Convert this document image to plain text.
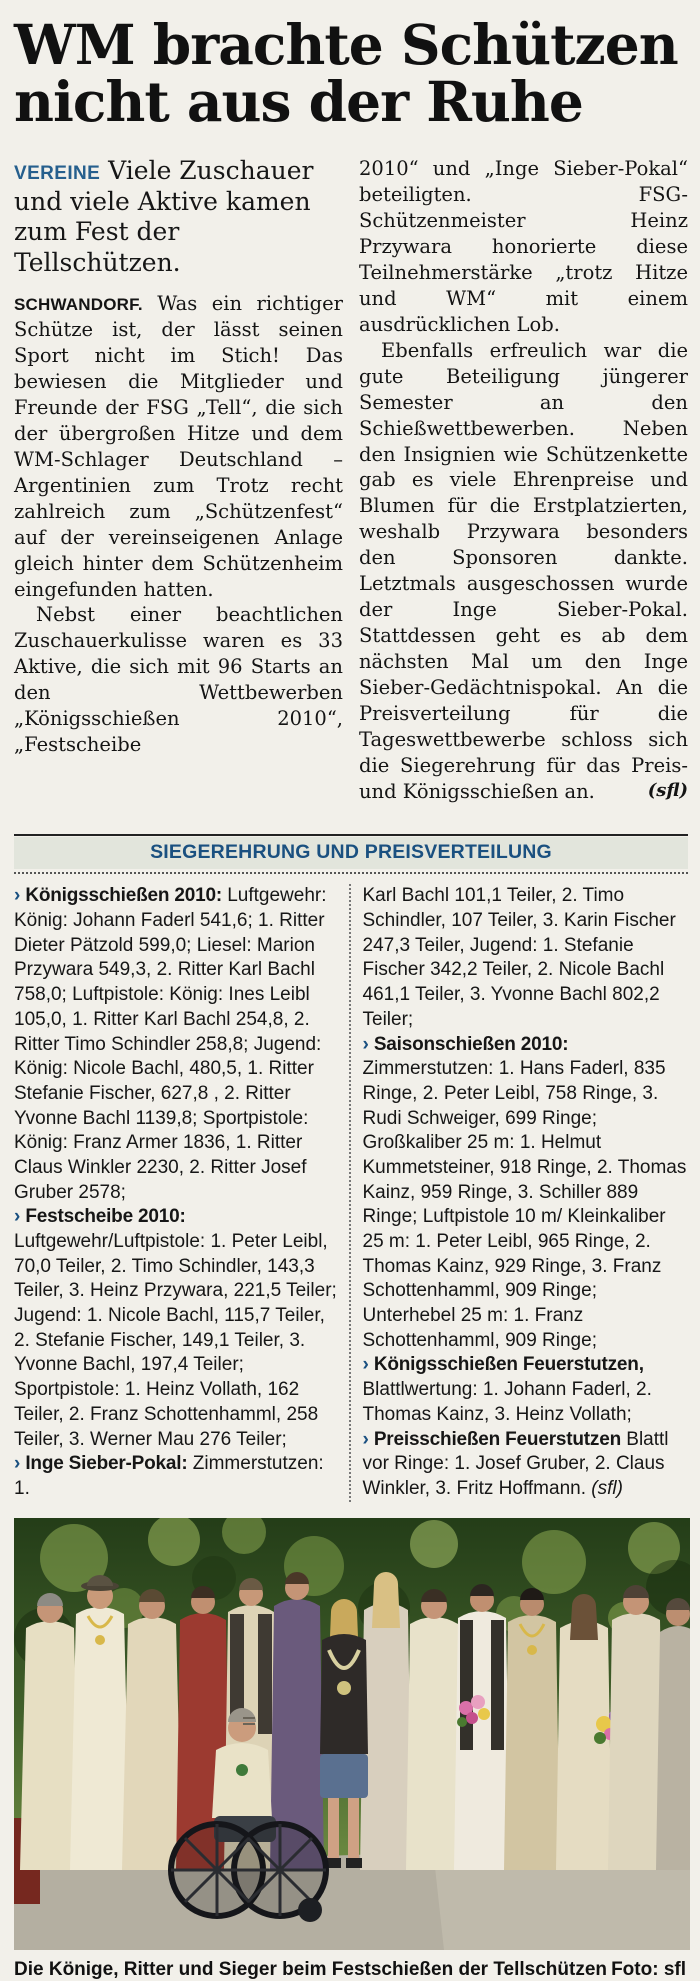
WM brachte Schützen
nicht aus der Ruhe

VEREINE Viele Zuschauer und viele Aktive kamen zum Fest der Tellschützen.

SCHWANDORF. Was ein richtiger Schütze ist, der lässt seinen Sport nicht im Stich! Das bewiesen die Mitglieder und Freunde der FSG „Tell“, die sich der übergroßen Hitze und dem WM-Schlager Deutschland – Argentinien zum Trotz recht zahlreich zum „Schützenfest“ auf der vereinseigenen Anlage gleich hinter dem Schützenheim eingefunden hatten.

Nebst einer beachtlichen Zuschauerkulisse waren es 33 Aktive, die sich mit 96 Starts an den Wettbewerben „Königsschießen 2010“, „Festscheibe

2010“ und „Inge Sieber-Pokal“ beteiligten. FSG-Schützenmeister Heinz Przywara honorierte diese Teilnehmerstärke „trotz Hitze und WM“ mit einem ausdrücklichen Lob.

Ebenfalls erfreulich war die gute Beteiligung jüngerer Semester an den Schießwettbewerben. Neben den Insignien wie Schützenkette gab es viele Ehrenpreise und Blumen für die Erstplatzierten, weshalb Przywara besonders den Sponsoren dankte. Letztmals ausgeschossen wurde der Inge Sieber-Pokal. Stattdessen geht es ab dem nächsten Mal um den Inge Sieber-Gedächtnispokal. An die Preisverteilung für die Tageswettbewerbe schloss sich die Siegerehrung für das Preis- und Königsschießen an.	(sfl)

SIEGEREHRUNG UND PREISVERTEILUNG

› Königsschießen 2010: Luftgewehr: König: Johann Faderl 541,6; 1. Ritter Dieter Pätzold 599,0; Liesel: Marion Przywara 549,3, 2. Ritter Karl Bachl 758,0; Luftpistole: König: Ines Leibl 105,0, 1. Ritter Karl Bachl 254,8, 2. Ritter Timo Schindler 258,8; Jugend: König: Nicole Bachl, 480,5, 1. Ritter Stefanie Fischer, 627,8 , 2. Ritter Yvonne Bachl 1139,8; Sportpistole: König: Franz Armer 1836, 1. Ritter Claus Winkler 2230, 2. Ritter Josef Gruber 2578;

› Festscheibe 2010: Luftgewehr/Luftpistole: 1. Peter Leibl, 70,0 Teiler, 2. Timo Schindler, 143,3 Teiler, 3. Heinz Przywara, 221,5 Teiler; Jugend: 1. Nicole Bachl, 115,7 Teiler, 2. Stefanie Fischer, 149,1 Teiler, 3. Yvonne Bachl, 197,4 Teiler; Sportpistole: 1. Heinz Vollath, 162 Teiler, 2. Franz Schottenhamml, 258 Teiler, 3. Werner Mau 276 Teiler;

› Inge Sieber-Pokal: Zimmerstutzen: 1.

Karl Bachl 101,1 Teiler, 2. Timo Schindler, 107 Teiler, 3. Karin Fischer 247,3 Teiler, Jugend: 1. Stefanie Fischer 342,2 Teiler, 2. Nicole Bachl 461,1 Teiler, 3. Yvonne Bachl 802,2 Teiler;

› Saisonschießen 2010: Zimmerstutzen: 1. Hans Faderl, 835 Ringe, 2. Peter Leibl, 758 Ringe, 3. Rudi Schweiger, 699 Ringe; Großkaliber 25 m: 1. Helmut Kummetsteiner, 918 Ringe, 2. Thomas Kainz, 959 Ringe, 3. Schiller 889 Ringe; Luftpistole 10 m/ Kleinkaliber 25 m: 1. Peter Leibl, 965 Ringe, 2. Thomas Kainz, 929 Ringe, 3. Franz Schottenhamml, 909 Ringe; Unterhebel 25 m: 1. Franz Schottenhamml, 909 Ringe;

› Königsschießen Feuerstutzen, Blattlwertung: 1. Johann Faderl, 2. Thomas Kainz, 3. Heinz Vollath;

› Preisschießen Feuerstutzen Blattl vor Ringe: 1. Josef Gruber, 2. Claus Winkler, 3. Fritz Hoffmann. (sfl)

Die Könige, Ritter und Sieger beim Festschießen der Tellschützen Foto: sfl
